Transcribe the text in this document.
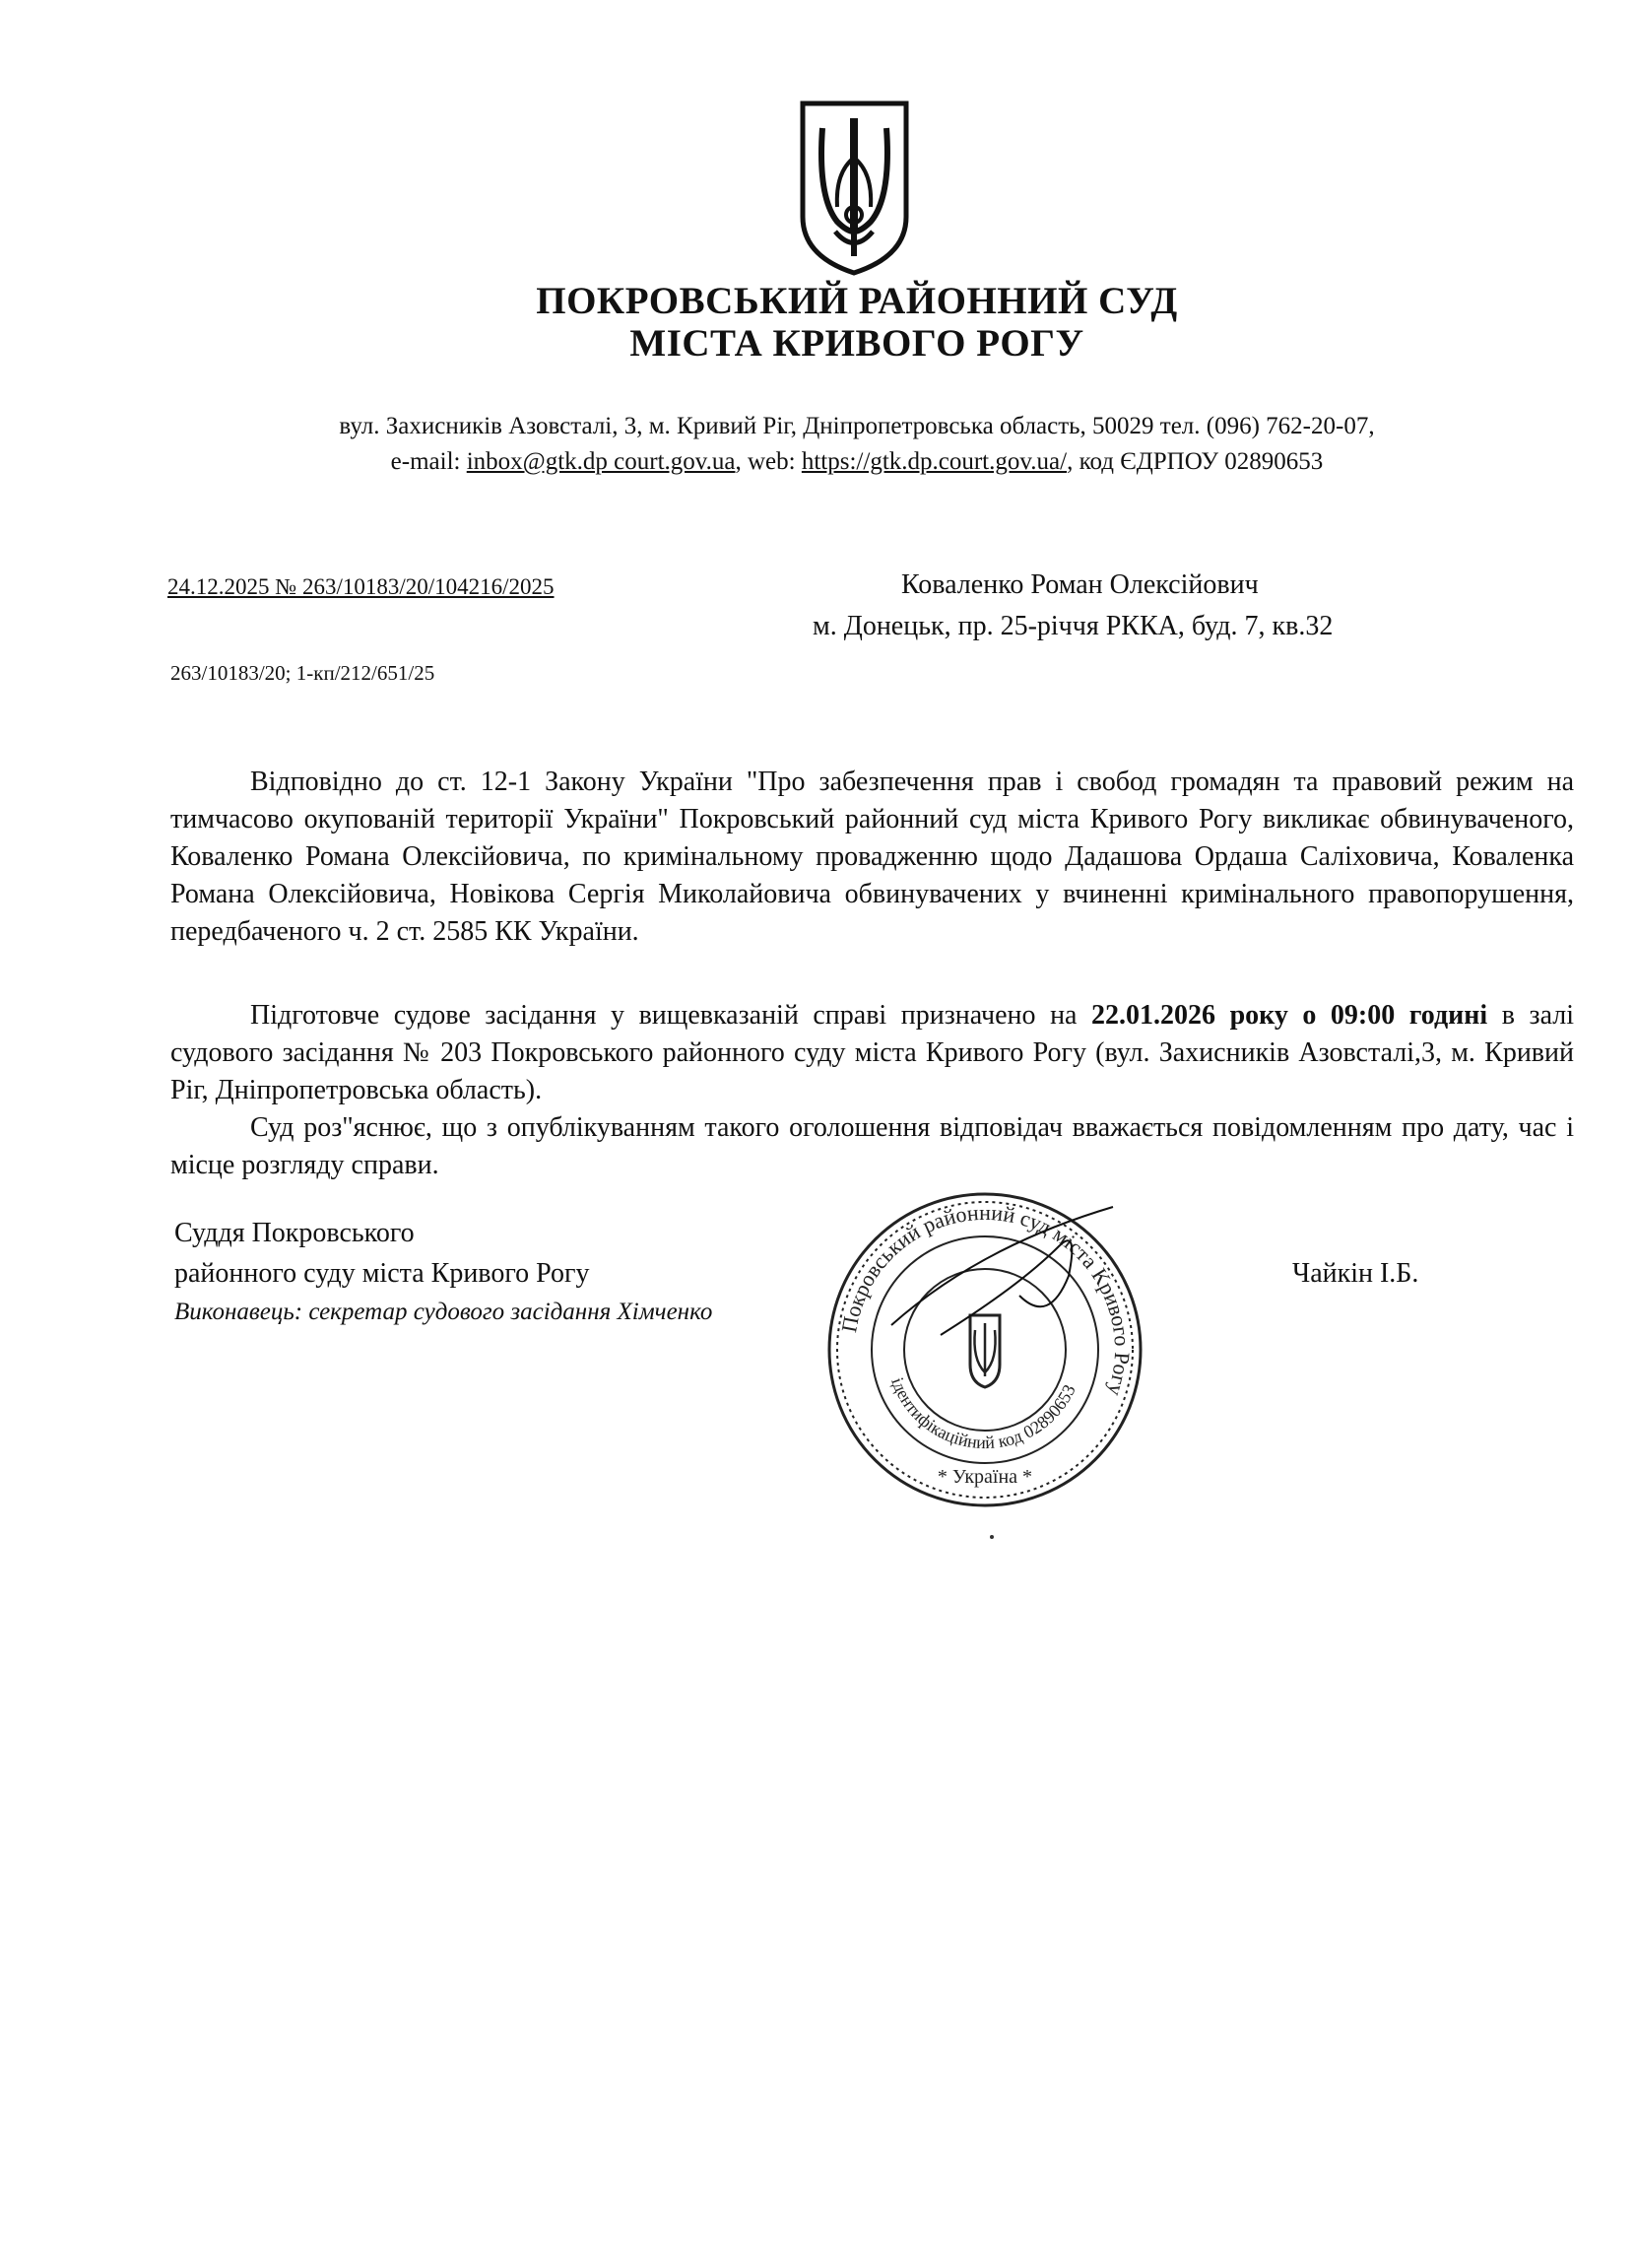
ПОКРОВСЬКИЙ РАЙОННИЙ СУД
МІСТА КРИВОГО РОГУ
вул. Захисників Азовсталі, 3, м. Кривий Ріг, Дніпропетровська область, 50029 тел. (096) 762-20-07,
e-mail: inbox@gtk.dp court.gov.ua, web: https://gtk.dp.court.gov.ua/, код ЄДРПОУ 02890653
24.12.2025 № 263/10183/20/104216/2025
263/10183/20; 1-кп/212/651/25
Коваленко Роман Олексійович
м. Донецьк, пр. 25-річчя РККА, буд. 7, кв.32

Відповідно до ст. 12-1 Закону України "Про забезпечення прав і свобод громадян та правовий режим на тимчасово окупованій території України" Покровський районний суд міста Кривого Рогу викликає обвинуваченого, Коваленко Романа Олексійовича, по кримінальному провадженню щодо Дадашова Ордаша Саліховича, Коваленка Романа Олексійовича, Новікова Сергія Миколайовича обвинувачених у вчиненні кримінального правопорушення, передбаченого ч. 2 ст. 2585 КК України.

Підготовче судове засідання у вищевказаній справі призначено на 22.01.2026 року о 09:00 годині в залі судового засідання № 203 Покровського районного суду міста Кривого Рогу (вул. Захисників Азовсталі,3, м. Кривий Ріг, Дніпропетровська область).

Суд роз"яснює, що з опублікуванням такого оголошення відповідач вважається повідомленням про дату, час і місце розгляду справи.

Суддя Покровського
районного суду міста Кривого Рогу
Виконавець: секретар судового засідання Хімченко
Чайкін І.Б.
Покровський районний суд міста Кривого Рогу
ідентифікаційний код 02890653
* Україна *
